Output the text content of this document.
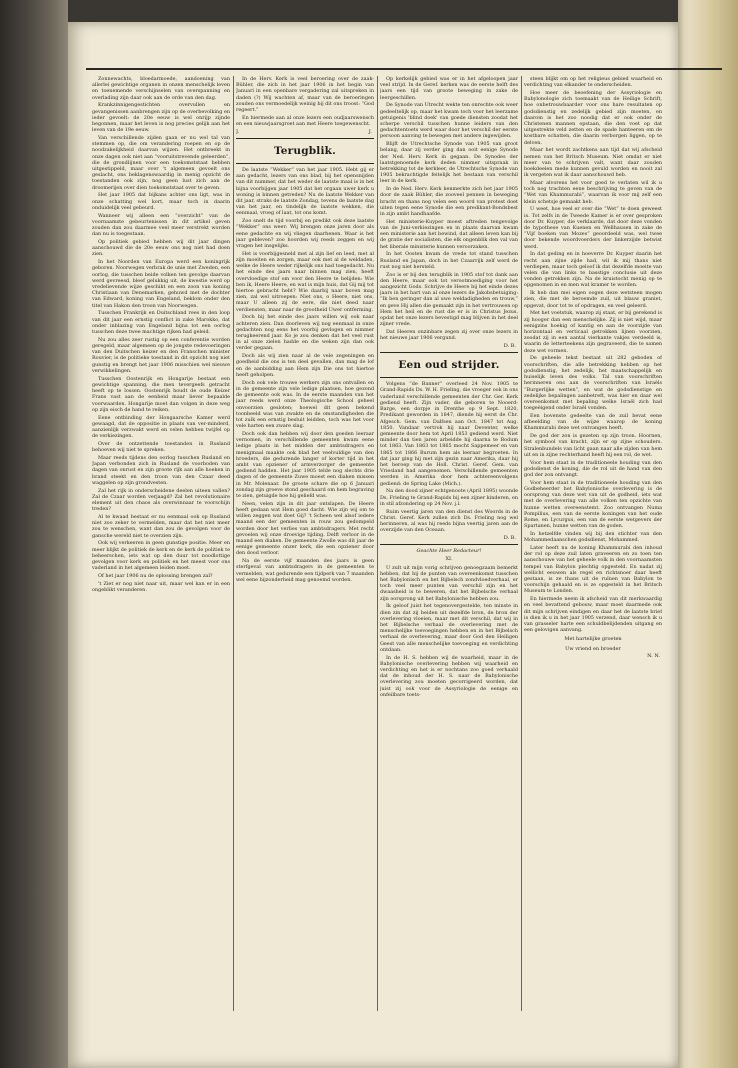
Zonnewachts, bloedarmoede, aandoening van allerlei gewichtige organen in onzen menschelijk leven en toenemende verschijnselen van overspanning en overlading zijn daar ook aan de orde van den dag.

Krankzinnigengestichten overvullen en gevangenissen aanbrengen zijn op de overbevolking en ieder gevoelt: de 20e eeuw is wel onrijp zijnde begonnen, maar het leven is nog precies gelijk aan het leven van de 19e eeuw.

Van verschillende zijden gaan er nu wel tal van stemmen op, die om verandering roepen en op de noodzakelijkheid daarvan wijzen. Het ontbreekt in onze dagen ook niet aan “vooruitstrevende geleerden”, die de grondlijnen voor een toekomststaat hebben uitgestippeld, maar over 't algemeen gevoelt ons geslacht, ons beklagenswaardig in menig opzicht de toestanden ook zijn, nog geen lust zich aan de droomerijen over dien toekomststaat over te geven.

Het jaar 1905 dat bijkans achter ons ligt, was in onze schatting wel kort, maar toch in daarin onduidelijk veel gebeurd.

Wanneer wij alleen een “overzicht” van de voornaamste gebeurtenissen in dit artikel geven zouden dan zou daarmee veel meer verstrekt worden dan nu is toegestaan.

Op politiek gebied hebben wij dit jaar dingen aanschouwd die de 20e eeuw ons nog niet had doen zien.

In het Noorden van Europa werd een koningrijk geboren. Noorwegen verbrak de unie met Zweden, een oorlog, die tusschen beide volken ten gevolge daarvan werd gevreesd, bleef gelukkig uit, de kwestie werd op vredelievende wijze geschikt en een zoon van koning Christiaan van Denemarken, gehuwd met de dochter van Edward, koning van Engeland, beklom onder den titel van Hakon den troon van Noorwegen.

Tusschen Frankrijk en Duitschland rees in den loop van dit jaar een ernstig conflict in zake Marokko, dat onder inblazing van Engeland bijna tot een oorlog tusschen deze twee machtige rijken had geleid.

Nu zou alles zeer rustig op een conferentie worden geregeld, maar algemeen op de jongste redevoeringen van den Duitschen keizer en den Franschen minister Rouvier, is de politieke toestand in dit opzicht nog niet gunstig en brengt het jaar 1906 misschien wel nieuwe verwikkelingen.

Tusschen Oostenrijk en Hongarije bestaat een gewichtige spanning, die men tevergeefs getracht heeft op te lossen. Oostenrijk houdt de oude Keizer Frans vast aan de eenheid maar liever bepaalde voorwaarden. Hongarije moet dan volgen in deze weg op zijn eisch de hand te reiken.

Eene ontbinding der Hongaarsche Kamer werd gewaagd, dat de oppositie in plaats van ver-minderd, aanzienlijk verzwakt werd en velen hebben twijfel op de verkiezingen.

Over de ontzettende toestanden in Rusland behoeven wij niet te spreken.

Maar reeds tijdens den oorlog tusschen Rusland en Japan verbonden zich in Rusland de voorboden van dagen van onrust en zijn groote rijk aan alle hoeken in brand steekt en den troon van den Czaar deed waggelen op zijn grondvesten.

Zal het rijk in onderscheidene deelen uiteen vallen? Zal de Czaar worden verjaagd? Zal het revolutionaire element uit den chaos als overwinnaar te voorschijn treden?

Al te kwaad bestaat er nu eenmaal ook op Rusland niet zoo zeker te vermelden, maar dat het niet meer zou te wenschen, want dan zou de gevolgen voor de gansche wereld niet te overzien zijn.

Ook wij verkeeren in geen gunstige positie. Meer en meer blijkt de politiek de kerk en de kerk de politiek te beheerschen, iets wat op den duur tot noodlottige gevolgen voor kerk en politiek en het meest voor ons vaderland in het algemeen leiden moet.

Of het jaar 1906 nu de oplossing brengen zal?

't Ziet er nog niet naar uit, maar wel kan er in een ongeblikt veranderen.

In de Herv. Kerk is veel beroering over de zaak-Bühler, die zich in het jaar 1906 in het begin van Januari in een openbare vergadering zal uitspreken in daden (?) Wij wachten af, maar van de beroeringen zouden ons vermoedelijk weinig bij dit ons troost: “God regeert.”

En hiermede aan al onze lezers een oudjaarswensch en een nieuwjaarsgroet aan met Heere toegewenscht.

J.	J.
Terugblik.

De laatste “Wekker” van het jaar 1905. Hebt gij er aan gedacht, lezers van ons blad, bij het opensnijden van dit nummer, dat het weder de laatste maal is in het bijna voorbijgen jaar 1905 dat het orgaan uwer kerk u woning is binnen getreden? Nu de laatste Wekker van dit jaar, straks de laatste Zondag, tevens de laatste dag van het jaar, en tindelijk de laatste wekken, die eenmaal, vroeg of laat, tot ons komt.

Zoo snelt de tijd voorbij en predikt ook deze laatste “Wekker” ons weer: Wij brengen onze jaren door als eene gedachte en wij vliegen daarhenen. Waar is het jaar gebleven? zoo hoorden wij reeds zeggen en wij vragen het insgelijks.

Het is voorbijgesneld met al zijn lief en leed, met al zijn moeiten en zorgen, maar ook met al de weldaden, welke de Heere weder rijkelijk ons had toegedacht. Nu het einde des jaars naar binnen mag zien, heeft overvloedige stof om voor den Heere te belijden: Wie ben ik, Heere Heere, en wat is mijn huis, dat Gij mij tot hiertoe gebracht hebt? Wie daarbij naar boven mag zien, zal wel uitroepen: Niet ons, o Heere, niet ons, maar U alleen zij de eere, die niet deed naar verdiensten, maar naar de grootheid Uwer ontferming.

Doch bij het einde des jaars willen wij ook naar achteren zien. Dan doorleven wij nog eenmaal in onze gedachten nog eens het voorbij gevlogen en nimmer terugkeerend jaar. Ko je zou denken dat het veel rust in al onze zielen hadde en die weken zijn dan ook verder gegaan.

Doch als wij zien naar al de vele zegeningen en goedheid die ons is ten deel gevallen, dan mag de lof en de aanbidding aan Hem zijn Die ons tot hiertoe heeft geholpen.

Doch ook vele trouwe werkers zijn ons ontvallen en in de gemeente zijn vele ledige plaatsen, hoe gezond de gemeente ook was. In de eerste maanden van het jaar reeds werd onze Theologische School geheel onvoorzien gesloten; hoewel dit geen bekend toonbeeld was van zwakte en de omstandigheden die tot zulk een ernstig besluit leidden, toch was het voor vele harten een zware slag.

Doch ook dan hebben wij door den goeden leeraar vernomen, in verschillende gemeenten kwam eene ledige plaats in het midden der ambtsdragers en menigmaal maakte ook blad het veelvuldige van den broeders, die gedurende langer of korter tijd in het ambt van opziener of armverzorger de gemeente gediend hadden. Het jaar 1905 telde nog slechts drie dagen of de gemeente Zuwe moest een diaken missen in Mr. Molenaar. De groote schare die op 6 Januari zondag zijn groeve stond geschaard om hem begraving te zien, getuigde hoe hij geliefd was.

Neen, velen zijn in dit jaar ontslapen. De Heere heeft gedaan wat Hem goed dacht. Wie zijn wij om te willen zeggen wat doet Gij? 't Scheen wel alsof iedere maand een der gemeenten in rouw zou gedompeld worden door het verlies van ambtsdragers. Met recht gevoelen wij onze droevige tijding. Delft verloor in de maand een diaken. De gemeente Zwolle was dit jaar de eenige gemeente onzer kerk, die een opziener door den dood verloor.

Na de eerste vijf maanden des jaars is geen sterfgeval van ambtsdragers in de gemeenten te vermelden, wat gedurende een tijdperk van 7 maanden wel eene bijzonderheid mag genoemd worden.

Op kerkelijk gebied was er in het afgeloopen jaar veel strijd. In de Geref. kerken was de eerste helft des jaars een tijd van groote beweging in zake de leergeschillen.

De Synode van Utrecht wekte ten onrechte ook weer gedeeltelijk op, maar het kwam toch voor het leerzame getuigenis 'blind doek' van goede diensten zoodat het scherpe verschil tusschen hunne leiders van den gedachtentoets werd waar door het verschil der eerste persoon aanving te bewegen met andere ingewijden.

Blijft de Utrechtsche Synode van 1905 van groot belang, daar zij verder ging dan ooit eenige Synode der Ned. Herv. Kerk in gegaan. De Synodes der laatstgenoemde kerk deden nimmer uitspraak in betrekking tot de kerkleer, de Utrechtsche Synode van 1905 bekrachtigde feitelijk het bestaan van verschil leer in de kerk.

In de Ned. Herv. Kerk kenmerkte zich het jaar 1905 door de zaak Bühler, die zooveel pennen in beweging bracht en thans nog velen een woord van protest doet uiten tegen eene Synode die een predikant-Bondsbest in zijn ambt handhaafde.

Het ministerie-Kuyper moest aftreden tengevolge van de Juni-verkiezingen en in plaats daarvan kwam een ministerie aan het bewind, dat alleen leven kan bij de gratie der socialisten, die elk ongenblik den val van het liberale ministerie kunnen veroorzaken.

In het Oosten kwam de vrede tot stand tusschen Rusland en Japan, doch in het Czaarrijk zelf werd de rust nog niet hersteld.

Zoo is er bij den terugblik in 1905 stof tot dank aan den Heere, maar ook tot verootmoediging voor het aangezicht Gods. Schrijve de Heere bij het einde dezes jaars in het hart van al onze lezers de Jakobsbetuiging: “Ik ben geringer dan al uwe weldadigheden en trouw,” en geve Hij allen die gemaakt zijn in het vertrouwen op Hem het heil en de rust die er is in Christus Jezus, opdat het onze lezers bevestigd mag blijven in het deel zijner vrede.

Dat Heeren onzinbare zegen zij over onze lezers in het nieuwe jaar 1906 vergund.

D. B.
Een oud strijder.

Volgens “de Banner” overleed 24 Nov. 1905 te Grand-Rapids Ds. W. H. Frieling, die vroeger ook in ons vaderland verschillende gemeenten der Chr. Ger. Kerk gediend heeft. Zijn vader, die geboren te Nooerd-Barge, een dorpje in Drenthe op 9 Sept. 1820, Predikant geworden in 1847, diende hij eerst de Chr. Afgesch. Gem. van Dalfsen aan Oct. 1847 tot Aug. 1850. Vandaar vertrok hij naar Deventer, welke gemeente door hem tot April 1853 gediend werd. Niet minder dan tien jaren arbeidde hij daarna te Bodum tot 1863. Van 1863 tot 1865 mocht Sappemeer en van 1865 tot 1866 Burum hem als leeraar begroeten. In dat jaar ging hij met zijn gezin naar Amerika, daar hij het beroep van de Holl. Christ. Geref. Gem. van Vriesland had aangenomen. Verschillende gemeenten werden in Amerika door hem achtereenvolgens gediend: de Spring Lake (Mich.).

Na den dood zijner echtgenoote (April 1895) woonde Ds. Frieling te Grand-Rapids bij een zijner kinderen, en in stil afzondering op 24 Nov. j.l.

Ruim veertig jaren van den dienst des Woords in de Christ. Geref. Kerk zullen zich Ds. Frieling nog wel herinneren, al was hij reeds bijna veertig jaren aan de overzijde van den Oceaan.

D. B.
Geachte Heer Redacteur!
XI.

U zult uit mijn vorig schrijven genoegzaam bemerkt hebben, dat bij de punten van overeenkomst tusschen het Babylonisch en het Bijbelsch zondvloedverhaal, er toch veel meer punten van verschil zijn en het dwaasheid is te beweren, dat het Bijbelsche verhaal zijn oorsprong uit het Babylonische hebben zou.

Ik geloof juist het tegenovergestelde, ten minste in dien zin dat zij beiden uit dezelfde bron, de bron der overlevering vloeien, maar met dit verschil, dat wij in het Bijbelsche verhaal de overlevering met de menschelijke toevoegingen hebben en in het Bijbelsch verhaal de overlevering, maar door God den Heiligen Geest van alle menschelijke toevoeging en verdichting ontdaan.

In de H. S. hebben wij de waarheid, maar in de Babylonische overlevering hebben wij waarheid en verdichting en het is er nochtans zoo goed verhaald dat de inhoud der H. S. naar de Babylonische overlevering zou moeten gecorrigeerd worden, dat juist zij ook voor de Assyriologie de eenige en onfeilbare toets-

steen blijkt om op het religieus gebied waarheid en verdichting van elkander te onderscheiden.

Hoe meer de beoefening der Assyriologie en Babylonologie zich toemaakt van de Heilige Schrift, hoe onbetrouwbaarder voor ons hare resultaten op godsdienstig en zedelijk gebied zijn moeten, en daarom is het zoo noodig dat er ook onder de Christenen mannen opstaan, die den voet op dat uitgestrekte veld zetten en de spade hanteeren om de kostbare schatten, die daarin verborgen liggen, op te delven.

Maar het wordt zachtkens aan tijd dat wij afscheid nemen van het Britsch Museum. Niet omdat er niet meer van te schrijven valt, want daar zouden boekdeelen mede kunnen gevuld worden en nooit zal ik vergeten wat ik daar aanschouwd heb.

Maar alvorens het voor goed te verlaten wil ik u toch nog trachten eene beschrijving te geven van de “Wet van Khammurabi”, waarvan ik voor mij zelf een klein schetsje gemaakt heb.

U weet, hoe veel er over die “Wet” te doen geweest is. Tot zelfs in de Tweede Kamer is er over gesproken door Dr. Kuyper, die verklaarde, dat door deze vonden de hypothese van Kuenen en Wellhausen in zake de “Vijf boeken van Mozes” geoordeeld was, wel twee door bekende woordvoerders der linkerzijde betwist werd.

In dat geding en in hoeverre Dr. Kuyper daarin het recht aan zijne zijde had, wil ik mij thans niet verdiepen, maar toch geloof ik dat dezelfde moeite van velen die van links te basstige conclusie uit deze vonden getrokken zijn. Na de kruistocht menig op te opgenomen in en men wat kramer te worden.

Ik heb dan mei eigen oogen deze wetsteen mogen zien, die met de beroemde zuil, uit blauw graniet, opgevat, door tot te of opdragen, en veel geleerd.

Met het voetstuk, waarop zij staat, er bij gerekend is zij hooger dan een menschelijke. Zij is niet wijd, maar eenigzins hoekig of kantig en aan de voorzijde van horizontaal en verticaal getrokken lijnen voorzien, zoodat zij in een aantal vierkante vakjes verdeeld is, waarin de letterteekens zijn gegraveerd, die te samen deze wet vormen.

De geheele tekst bestaat uit 282 geboden of voorschriften, die alle betrekking hebben op het godsdienstig, het zedelijk, het maatschappelijk en huiselijk leven des volks. Tal van voorschriften herinneren ons aan de voorschriften van Israëls “Burgerlijke wetten”, en wat de godsdienstige en zedelijke bepalingen aanbetreft, was hier en daar wel overeenkomst met bepaling welke Israël zich had toegeëigend onder Israël vonden.

Een bovenste gedeelte van de zuil bevat eene afbeelding van de wijze waarop de koning Khammurabi deze wet ontvangen heeft.

De god der zon is gezeten op zijn troon. Hoornen, het symbool van kracht, zijn er op zijne schouders. Stralenbundels van licht gaan naar alle zijden van hem uit en in zijne rechterhand heeft hij een rol, de wet.

Voor hem staat in de traditioneele houding van den godsdienst de koning, die de rol uit de hand van den god der zon ontvangt.

Voor hem staat in de traditioneele houding van den Godbeheerder het Babylonische overlevering is de oorsprong van deze wet van uit de godheid, iets wat met de overlevering van alle volken ten opzichte van hunne wetten overeenstemt. Zoo ontvangen Numa Pompilius, een van de eerste koningen van het oude Rome, en Lycurgus, een van de eerste wetgevers der Spartanen, hunne wetten van de goden.

In hetzelfde vinden wij bij den stichter van den Mohammedaanschen godsdienst, Mohammed.

Later heeft nu de koning Khammurabi den inhoud der rol op deze zuil laten graveeren en zo toen ten aanschouwe van het geheele volk in den voornaamsten tempel van Babylon plechtig opgesteld. En nadat zij wellicht eeuwen als regel en richtsnoer daar heeft gestaan, is ze thans uit de ruïnen van Babylon te voorschijn gehaald en is ze opgesteld in het Britsch Museum te Londen.

En hiermede neem ik afscheid van dit merkwaardig en veel bevattend gebouw, maar moet daarmede ook dit mijn schrijven eindigen en daar het de laatste brief is dien ik u in het jaar 1905 verzend, daar wensch ik u van grasseler harte een schuldbelijdenden uitgang en een gelovigen aanvang.

Met hartelijke groeten
Uw vriend en broeder
N. N.
